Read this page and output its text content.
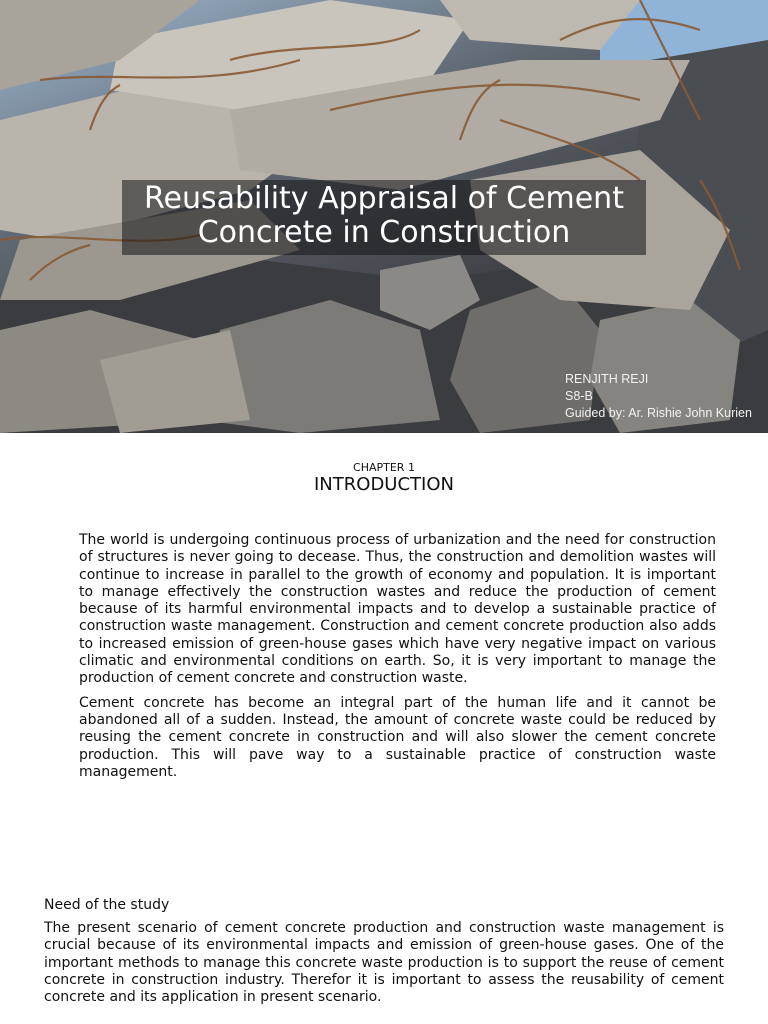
Reusability Appraisal of Cement
Concrete in Construction
RENJITH REJI
S8-B
Guided by: Ar. Rishie John Kurien
CHAPTER 1
INTRODUCTION

The world is undergoing continuous process of urbanization and the need for construction of structures is never going to decease. Thus, the construction and demolition wastes will continue to increase in parallel to the growth of economy and population. It is important to manage effectively the construction wastes and reduce the production of cement because of its harmful environmental impacts and to develop a sustainable practice of construction waste management. Construction and cement concrete production also adds to increased emission of green-house gases which have very negative impact on various climatic and environmental conditions on earth. So, it is very important to manage the production of cement concrete and construction waste.

Cement concrete has become an integral part of the human life and it cannot be abandoned all of a sudden. Instead, the amount of concrete waste could be reduced by reusing the cement concrete in construction and will also slower the cement concrete production. This will pave way to a sustainable practice of construction waste management.

Need of the study

The present scenario of cement concrete production and construction waste management is crucial because of its environmental impacts and emission of green-house gases. One of the important methods to manage this concrete waste production is to support the reuse of cement concrete in construction industry. Therefor it is important to assess the reusability of cement concrete and its application in present scenario.
